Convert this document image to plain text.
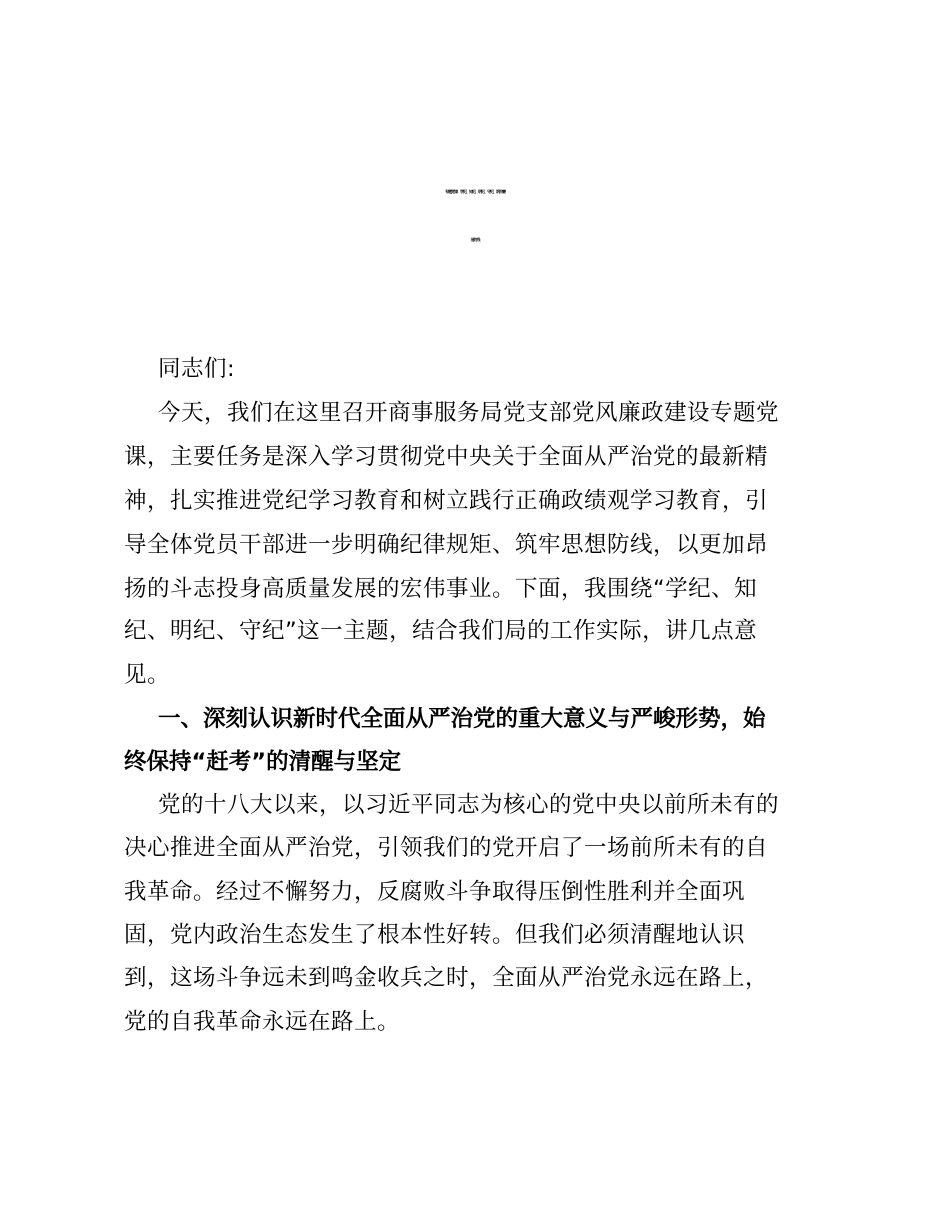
专题党课：学纪、知纪、明纪、守纪、筑牢廉
洁防线
同志们:
今天，我们在这里召开商事服务局党支部党风廉政建设专题党
课，主要任务是深入学习贯彻党中央关于全面从严治党的最新精
神，扎实推进党纪学习教育和树立践行正确政绩观学习教育，引
导全体党员干部进一步明确纪律规矩、筑牢思想防线，以更加昂
扬的斗志投身高质量发展的宏伟事业。下面，我围绕“学纪、知
纪、明纪、守纪”这一主题，结合我们局的工作实际，讲几点意
见。
一、深刻认识新时代全面从严治党的重大意义与严峻形势，始
终保持“赶考”的清醒与坚定
党的十八大以来，以习近平同志为核心的党中央以前所未有的
决心推进全面从严治党，引领我们的党开启了一场前所未有的自
我革命。经过不懈努力，反腐败斗争取得压倒性胜利并全面巩
固，党内政治生态发生了根本性好转。但我们必须清醒地认识
到，这场斗争远未到鸣金收兵之时，全面从严治党永远在路上，
党的自我革命永远在路上。
